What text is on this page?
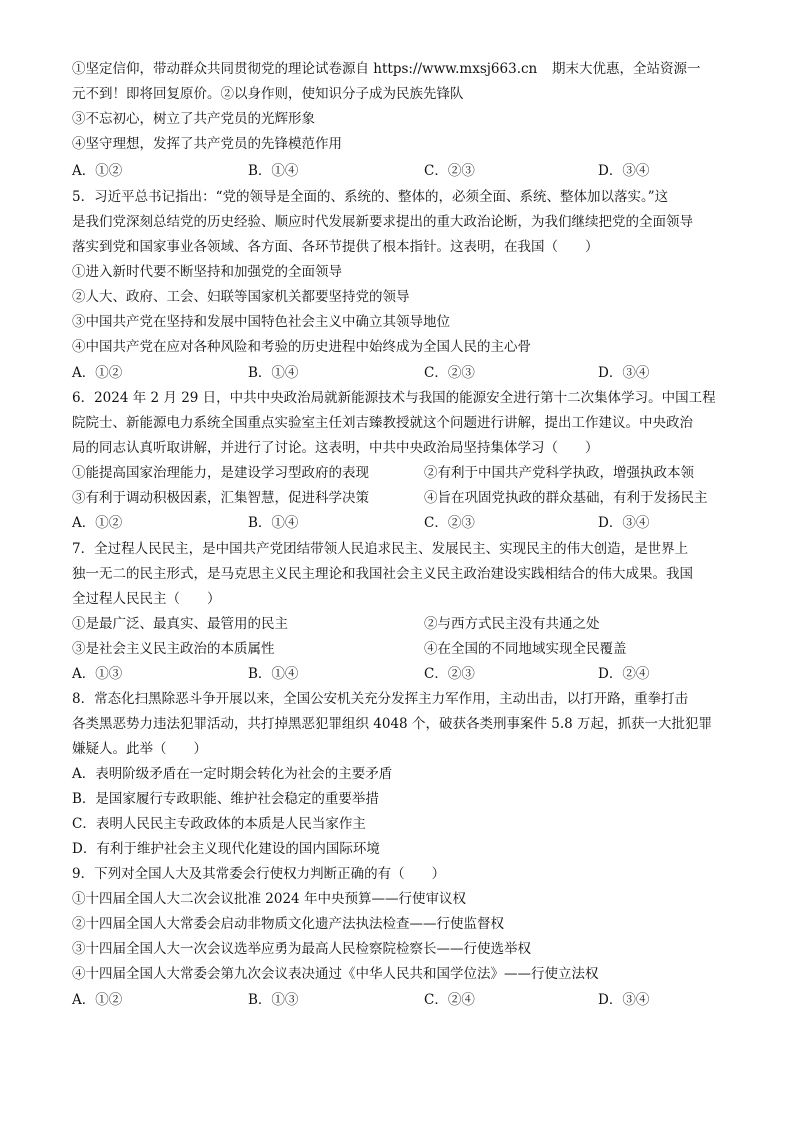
①坚定信仰，带动群众共同贯彻党的理论试卷源自 https://www.mxsj663.cn 期末大优惠，全站资源一
元不到！即将回复原价。②以身作则，使知识分子成为民族先锋队
③不忘初心，树立了共产党员的光辉形象
④坚守理想，发挥了共产党员的先锋模范作用
A．①②	B．①④	C．②③	D．③④
5．习近平总书记指出：“党的领导是全面的、系统的、整体的，必须全面、系统、整体加以落实。”这
是我们党深刻总结党的历史经验、顺应时代发展新要求提出的重大政治论断，为我们继续把党的全面领导
落实到党和国家事业各领域、各方面、各环节提供了根本指针。这表明，在我国（　　）
①进入新时代要不断坚持和加强党的全面领导
②人大、政府、工会、妇联等国家机关都要坚持党的领导
③中国共产党在坚持和发展中国特色社会主义中确立其领导地位
④中国共产党在应对各种风险和考验的历史进程中始终成为全国人民的主心骨
A．①②	B．①④	C．②③	D．③④
6．2024 年 2 月 29 日，中共中央政治局就新能源技术与我国的能源安全进行第十二次集体学习。中国工程
院院士、新能源电力系统全国重点实验室主任刘吉臻教授就这个问题进行讲解，提出工作建议。中央政治
局的同志认真听取讲解，并进行了讨论。这表明，中共中央政治局坚持集体学习（　　）
①能提高国家治理能力，是建设学习型政府的表现	②有利于中国共产党科学执政，增强执政本领
③有利于调动积极因素，汇集智慧，促进科学决策	④旨在巩固党执政的群众基础，有利于发扬民主
A．①②	B．①④	C．②③	D．③④
7．全过程人民民主，是中国共产党团结带领人民追求民主、发展民主、实现民主的伟大创造，是世界上
独一无二的民主形式，是马克思主义民主理论和我国社会主义民主政治建设实践相结合的伟大成果。我国
全过程人民民主（　　）
①是最广泛、最真实、最管用的民主	②与西方式民主没有共通之处
③是社会主义民主政治的本质属性	④在全国的不同地域实现全民覆盖
A．①③	B．①④	C．②③	D．②④
8．常态化扫黑除恶斗争开展以来，全国公安机关充分发挥主力军作用，主动出击，以打开路，重拳打击
各类黑恶势力违法犯罪活动，共打掉黑恶犯罪组织 4048 个，破获各类刑事案件 5.8 万起，抓获一大批犯罪
嫌疑人。此举（　　）
A．表明阶级矛盾在一定时期会转化为社会的主要矛盾
B．是国家履行专政职能、维护社会稳定的重要举措
C．表明人民民主专政政体的本质是人民当家作主
D．有利于维护社会主义现代化建设的国内国际环境
9．下列对全国人大及其常委会行使权力判断正确的有（　　）
①十四届全国人大二次会议批准 2024 年中央预算——行使审议权
②十四届全国人大常委会启动非物质文化遗产法执法检查——行使监督权
③十四届全国人大一次会议选举应勇为最高人民检察院检察长——行使选举权
④十四届全国人大常委会第九次会议表决通过《中华人民共和国学位法》——行使立法权
A．①②	B．①③	C．②④	D．③④
